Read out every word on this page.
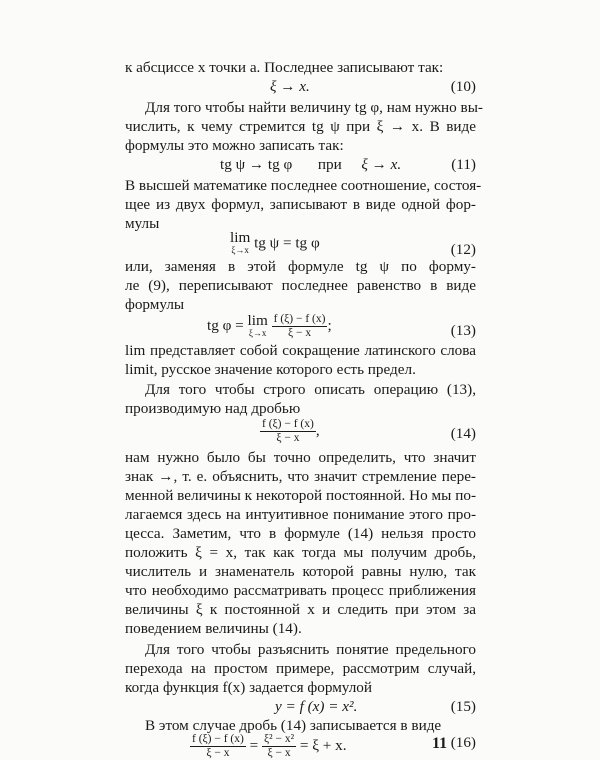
к абсциссе x точки a. Последнее записывают так:
ξ → x.	(10)
Для того чтобы найти величину tg φ, нам нужно вы-
числить, к чему стремится tg ψ при ξ → x. В виде
формулы это можно записать так:
tg ψ → tg φ при ξ → x.	(11)
В высшей математике последнее соотношение, состоя-
щее из двух формул, записывают в виде одной фор-
мулы
lim
ξ→x tg ψ = tg φ	(12)
или, заменяя в этой формуле tg ψ по форму-
ле (9), переписывают последнее равенство в виде
формулы
tg φ = lim
ξ→x
$\frac{f (\xi) - f (x)}{\xi - x}$ ;	(13)
lim представляет собой сокращение латинского слова
limit, русское значение которого есть предел.
Для того чтобы строго описать операцию (13),
производимую над дробью
$\frac{f (\xi) - f (x)}{\xi - x}$ ,	(14)
нам нужно было бы точно определить, что значит
знак →, т. е. объяснить, что значит стремление пере-
менной величины к некоторой постоянной. Но мы по-
лагаемся здесь на интуитивное понимание этого про-
цесса. Заметим, что в формуле (14) нельзя просто
положить ξ = x, так как тогда мы получим дробь,
числитель и знаменатель которой равны нулю, так
что необходимо рассматривать процесс приближения
величины ξ к постоянной x и следить при этом за
поведением величины (14).
Для того чтобы разъяснить понятие предельного
перехода на простом примере, рассмотрим случай,
когда функция f(x) задается формулой
y = f (x) = x².	(15)
В этом случае дробь (14) записывается в виде
$\frac{f (\xi) - f (x)}{\xi - x} = \frac{\text{ξ² − x²}}{\xi - x} = \xi + x$.	(16)
11
